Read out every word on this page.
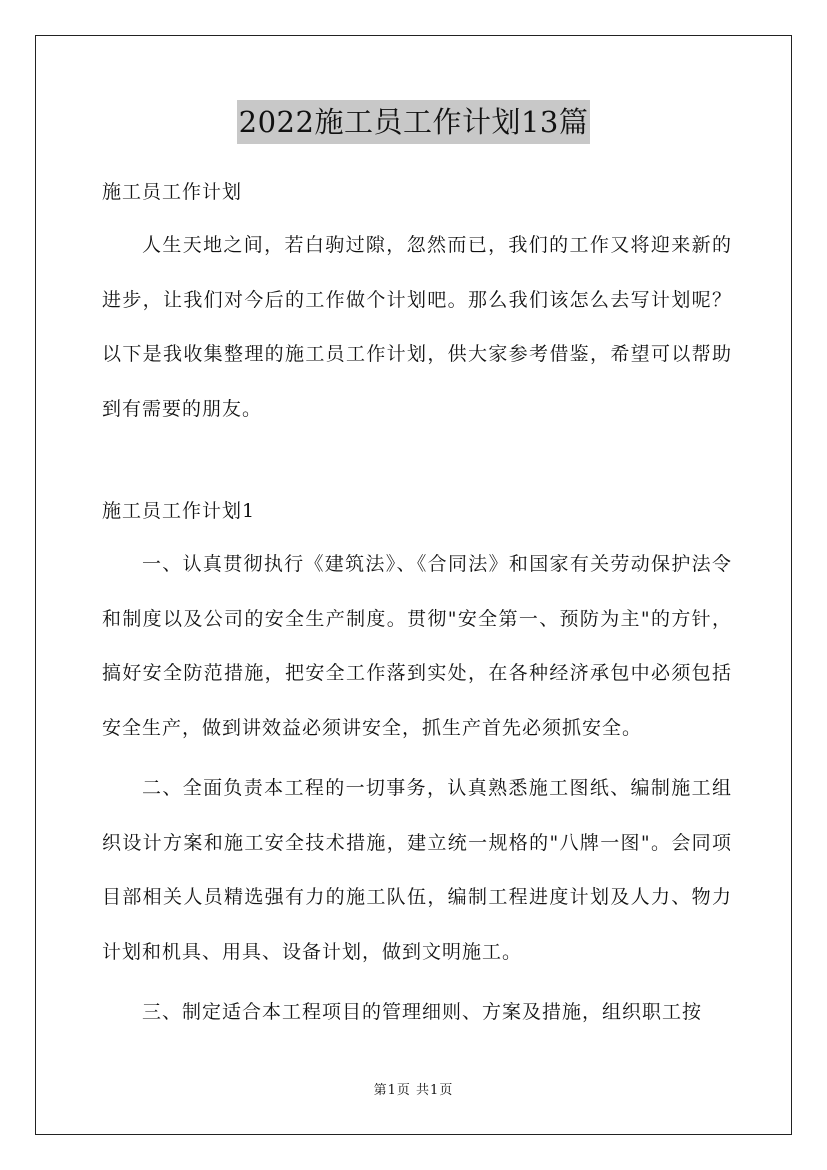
2022施工员工作计划13篇

施工员工作计划

人生天地之间，若白驹过隙，忽然而已，我们的工作又将迎来新的进步，让我们对今后的工作做个计划吧。那么我们该怎么去写计划呢？以下是我收集整理的施工员工作计划，供大家参考借鉴，希望可以帮助到有需要的朋友。

施工员工作计划1

一、认真贯彻执行《建筑法》、《合同法》和国家有关劳动保护法令和制度以及公司的安全生产制度。贯彻"安全第一、预防为主"的方针，搞好安全防范措施，把安全工作落到实处，在各种经济承包中必须包括安全生产，做到讲效益必须讲安全，抓生产首先必须抓安全。

二、全面负责本工程的一切事务，认真熟悉施工图纸、编制施工组织设计方案和施工安全技术措施，建立统一规格的"八牌一图"。会同项目部相关人员精选强有力的施工队伍，编制工程进度计划及人力、物力计划和机具、用具、设备计划，做到文明施工。

三、制定适合本工程项目的管理细则、方案及措施，组织职工按

第1页 共1页
